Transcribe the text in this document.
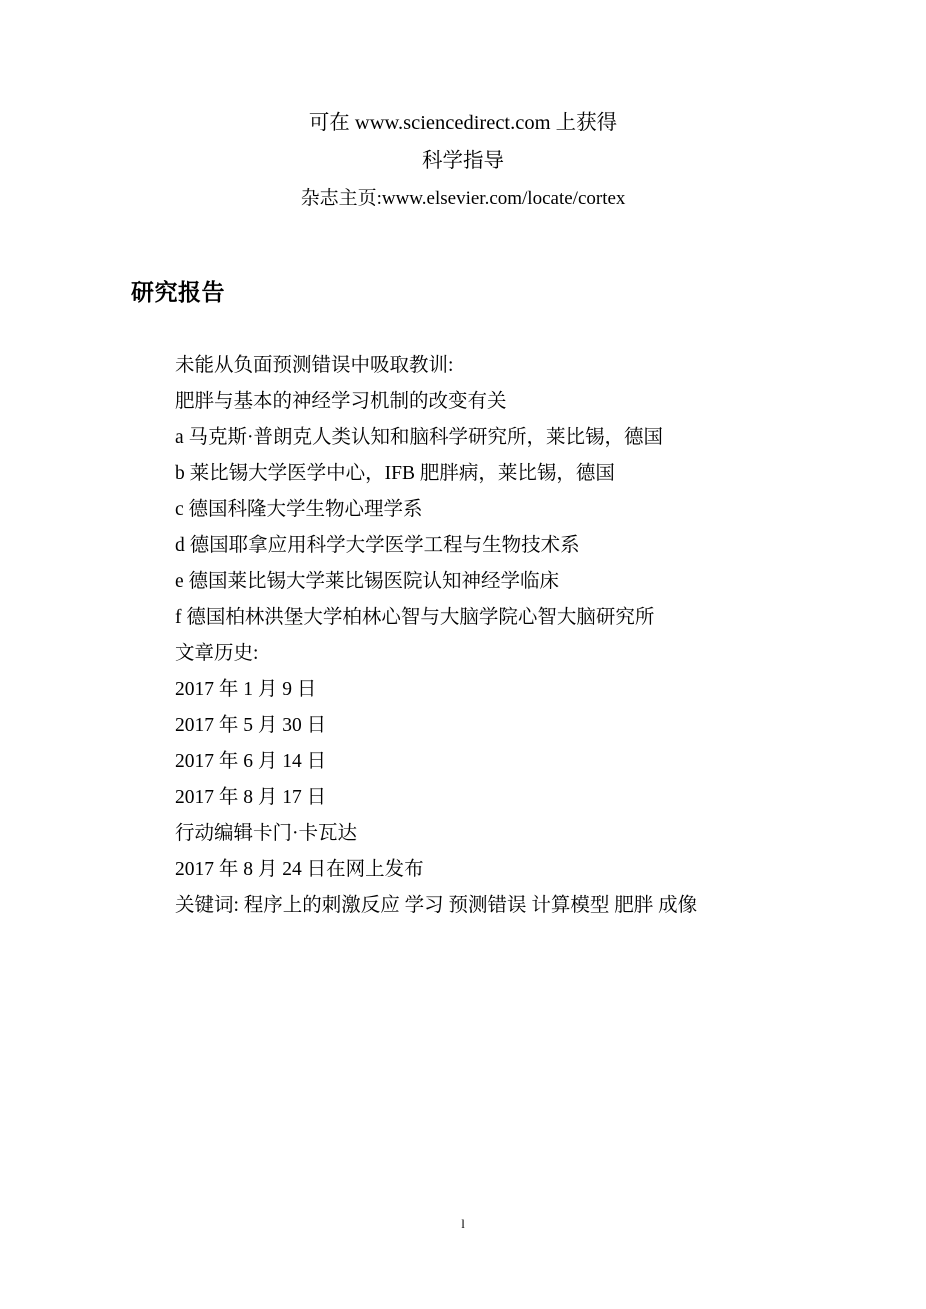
可在 www.sciencedirect.com 上获得
科学指导
杂志主页:www.elsevier.com/locate/cortex
研究报告
未能从负面预测错误中吸取教训:
肥胖与基本的神经学习机制的改变有关
a 马克斯·普朗克人类认知和脑科学研究所，莱比锡，德国
b 莱比锡大学医学中心，IFB 肥胖病，莱比锡，德国
c 德国科隆大学生物心理学系
d 德国耶拿应用科学大学医学工程与生物技术系
e 德国莱比锡大学莱比锡医院认知神经学临床
f 德国柏林洪堡大学柏林心智与大脑学院心智大脑研究所
文章历史:
2017 年 1 月 9 日
2017 年 5 月 30 日
2017 年 6 月 14 日
2017 年 8 月 17 日
行动编辑卡门·卡瓦达
2017 年 8 月 24 日在网上发布
关键词: 程序上的刺激反应 学习 预测错误 计算模型 肥胖 成像
l
